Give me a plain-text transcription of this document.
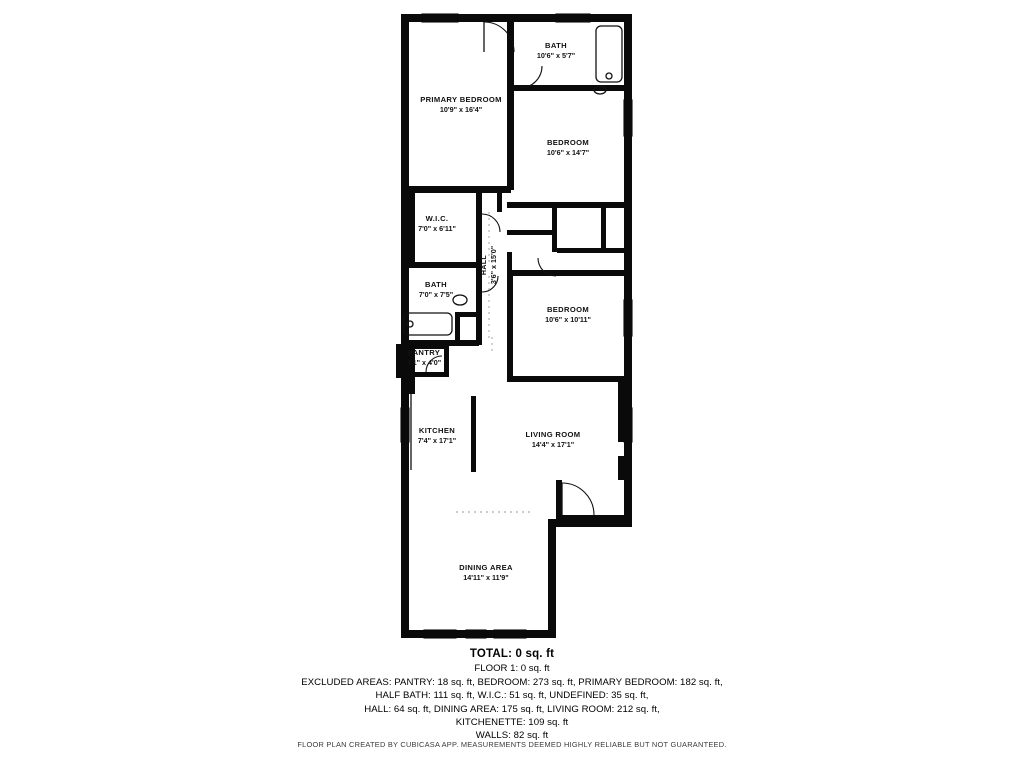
PRIMARY BEDROOM
10'9" x 16'4"
BATH
10'6" x 5'7"
BEDROOM
10'6" x 14'7"
W.I.C.
7'0" x 6'11"
HALL 3'6" x 15'0"
BATH
7'0" x 7'5"
BEDROOM
10'6" x 10'11"
PANTRY
4'1" x 4'0"
KITCHEN
7'4" x 17'1"
LIVING ROOM
14'4" x 17'1"
DINING AREA
14'11" x 11'9"

TOTAL: 0 sq. ft

FLOOR 1: 0 sq. ft

EXCLUDED AREAS: PANTRY: 18 sq. ft, BEDROOM: 273 sq. ft, PRIMARY BEDROOM: 182 sq. ft,

HALF BATH: 111 sq. ft, W.I.C.: 51 sq. ft, UNDEFINED: 35 sq. ft,

HALL: 64 sq. ft, DINING AREA: 175 sq. ft, LIVING ROOM: 212 sq. ft,

KITCHENETTE: 109 sq. ft

WALLS: 82 sq. ft

FLOOR PLAN CREATED BY CUBICASA APP. MEASUREMENTS DEEMED HIGHLY RELIABLE BUT NOT GUARANTEED.
